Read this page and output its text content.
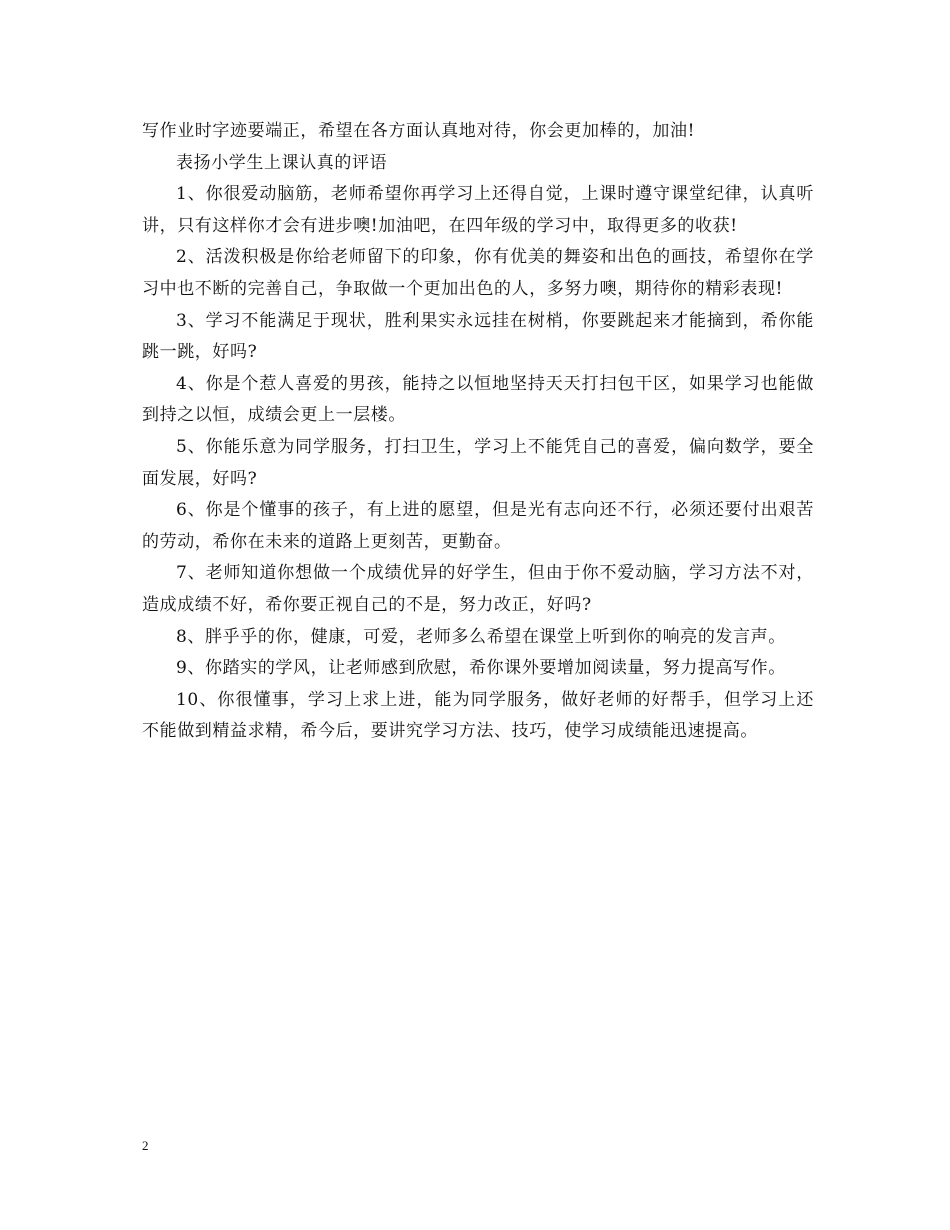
写作业时字迹要端正，希望在各方面认真地对待，你会更加棒的，加油!

表扬小学生上课认真的评语

1、你很爱动脑筋，老师希望你再学习上还得自觉，上课时遵守课堂纪律，认真听讲，只有这样你才会有进步噢!加油吧，在四年级的学习中，取得更多的收获!

2、活泼积极是你给老师留下的印象，你有优美的舞姿和出色的画技，希望你在学习中也不断的完善自己，争取做一个更加出色的人，多努力噢，期待你的精彩表现!

3、学习不能满足于现状，胜利果实永远挂在树梢，你要跳起来才能摘到，希你能跳一跳，好吗?

4、你是个惹人喜爱的男孩，能持之以恒地坚持天天打扫包干区，如果学习也能做到持之以恒，成绩会更上一层楼。

5、你能乐意为同学服务，打扫卫生，学习上不能凭自己的喜爱，偏向数学，要全面发展，好吗?

6、你是个懂事的孩子，有上进的愿望，但是光有志向还不行，必须还要付出艰苦的劳动，希你在未来的道路上更刻苦，更勤奋。

7、老师知道你想做一个成绩优异的好学生，但由于你不爱动脑，学习方法不对，造成成绩不好，希你要正视自己的不是，努力改正，好吗?

8、胖乎乎的你，健康，可爱，老师多么希望在课堂上听到你的响亮的发言声。

9、你踏实的学风，让老师感到欣慰，希你课外要增加阅读量，努力提高写作。

10、你很懂事，学习上求上进，能为同学服务，做好老师的好帮手，但学习上还不能做到精益求精，希今后，要讲究学习方法、技巧，使学习成绩能迅速提高。

2
